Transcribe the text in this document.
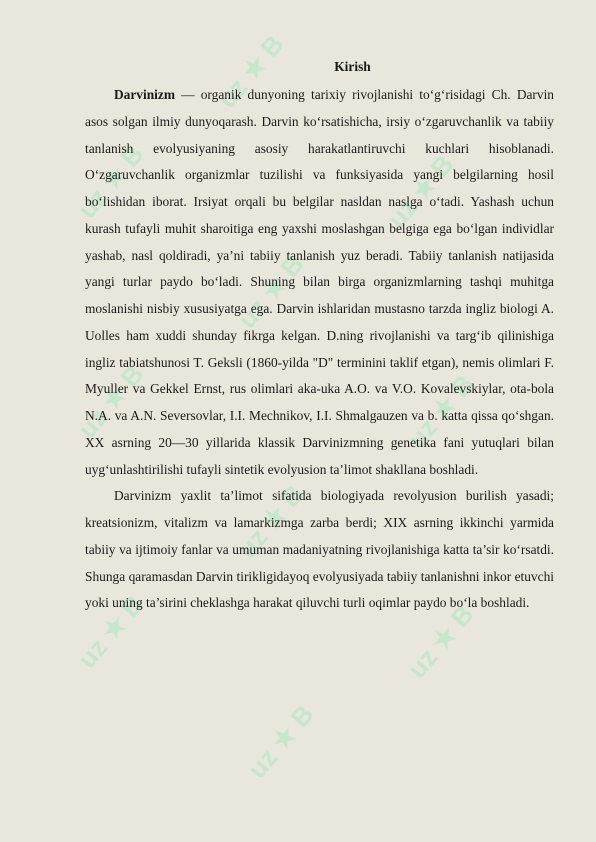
uz ★ B
uz ★ B	uz ★ B
uz ★ B
uz ★ B	uz ★ B
uz ★ B
uz ★ B	uz ★ B
uz ★ B

Kirish

Darvinizm — organik dunyoning tarixiy rivojlanishi to‘g‘risidagi Ch. Darvin asos solgan ilmiy dunyoqarash. Darvin ko‘rsatishicha, irsiy o‘zgaruvchanlik va tabiiy tanlanish evolyusiyaning asosiy harakatlantiruvchi kuchlari hisoblanadi. O‘zgaruvchanlik organizmlar tuzilishi va funksiyasida yangi belgilarning hosil bo‘lishidan iborat. Irsiyat orqali bu belgilar nasldan naslga o‘tadi. Yashash uchun kurash tufayli muhit sharoitiga eng yaxshi moslashgan belgiga ega bo‘lgan individlar yashab, nasl qoldiradi, ya’ni tabiiy tanlanish yuz beradi. Tabiiy tanlanish natijasida yangi turlar paydo bo‘ladi. Shuning bilan birga organizmlarning tashqi muhitga moslanishi nisbiy xususiyatga ega. Darvin ishlaridan mustasno tarzda ingliz biologi A. Uolles ham xuddi shunday fikrga kelgan. D.ning rivojlanishi va targ‘ib qilinishiga ingliz tabiatshunosi T. Geksli (1860-yilda "D" terminini taklif etgan), nemis olimlari F. Myuller va Gekkel Ernst, rus olimlari aka-uka A.O. va V.O. Kovalevskiylar, ota-bola N.A. va A.N. Seversovlar, I.I. Mechnikov, I.I. Shmalgauzen va b. katta qissa qo‘shgan. XX asrning 20—30 yillarida klassik Darvinizmning genetika fani yutuqlari bilan uyg‘unlashtirilishi tufayli sintetik evolyusion ta’limot shakllana boshladi.

Darvinizm yaxlit ta’limot sifatida biologiyada revolyusion burilish yasadi; kreatsionizm, vitalizm va lamarkizmga zarba berdi; XIX asrning ikkinchi yarmida tabiiy va ijtimoiy fanlar va umuman madaniyatning rivojlanishiga katta ta’sir ko‘rsatdi. Shunga qaramasdan Darvin tirikligidayoq evolyusiyada tabiiy tanlanishni inkor etuvchi yoki uning ta’sirini cheklashga harakat qiluvchi turli oqimlar paydo bo‘la boshladi.
